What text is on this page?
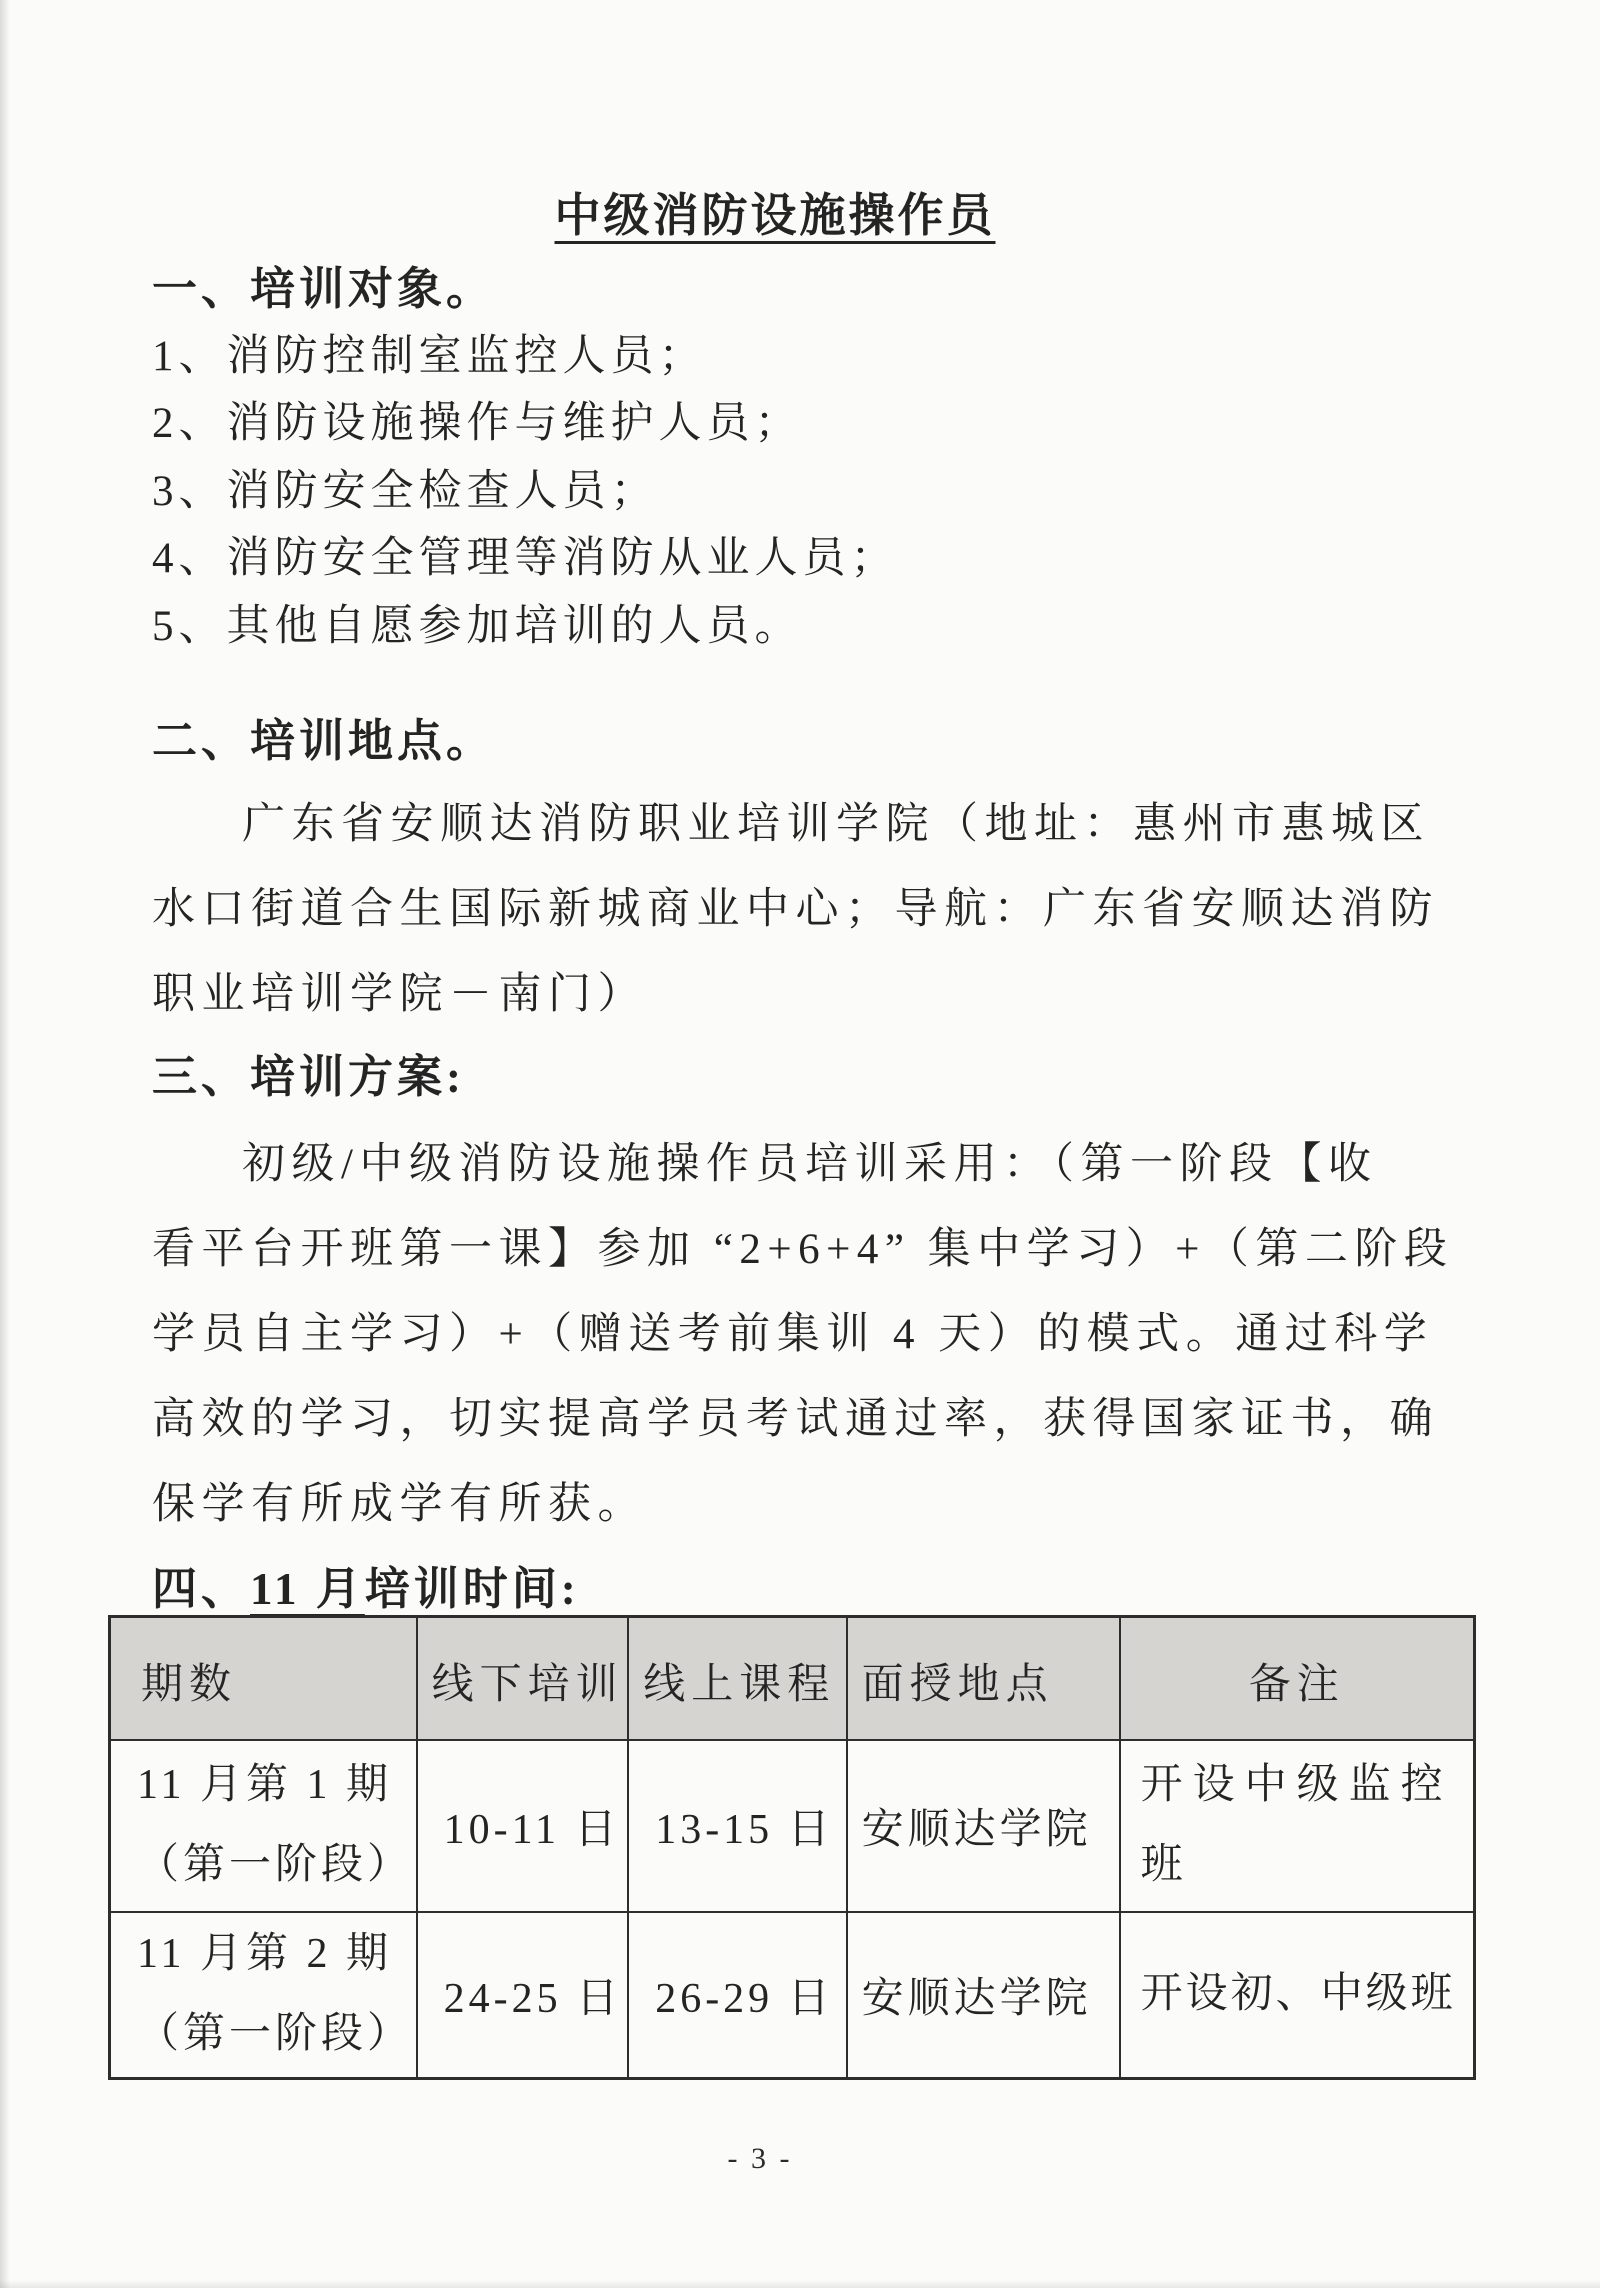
中级消防设施操作员
一、培训对象。
1、消防控制室监控人员；
2、消防设施操作与维护人员；
3、消防安全检查人员；
4、消防安全管理等消防从业人员；
5、其他自愿参加培训的人员。
二、培训地点。
广东省安顺达消防职业培训学院（地址：惠州市惠城区
水口街道合生国际新城商业中心；导航：广东省安顺达消防
职业培训学院－南门）
三、培训方案:
初级/中级消防设施操作员培训采用：（第一阶段【收
看平台开班第一课】参加 “2+6+4” 集中学习）+（第二阶段
学员自主学习）+（赠送考前集训 4 天）的模式。通过科学
高效的学习，切实提高学员考试通过率，获得国家证书，确
保学有所成学有所获。
四、11 月培训时间:
期数	线下培训	线上课程	面授地点	备注

11 月第 1 期
（第一阶段）	10-11 日	13-15 日	安顺达学院	开设中级监控班

11 月第 2 期
（第一阶段）	24-25 日	26-29 日	安顺达学院	开设初、中级班
- 3 -
